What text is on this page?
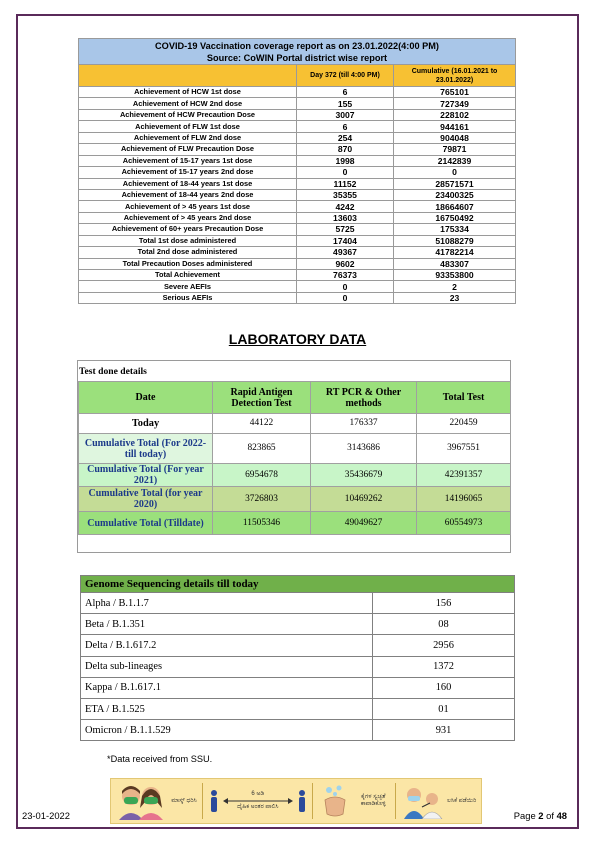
COVID-19 Vaccination coverage report as on 23.01.2022(4:00 PM)
Source: CoWIN Portal district wise report		

	Day 372 (till 4:00 PM)	Cumulative (16.01.2021 to 23.01.2022)
Achievement of HCW 1st dose	6	765101
Achievement of HCW 2nd dose	155	727349
Achievement of HCW Precaution Dose	3007	228102
Achievement of FLW 1st dose	6	944161
Achievement of FLW 2nd dose	254	904048
Achievement of FLW Precaution Dose	870	79871
Achievement of 15-17 years 1st dose	1998	2142839
Achievement of 15-17 years 2nd dose	0	0
Achievement of 18-44 years 1st dose	11152	28571571
Achievement of 18-44 years 2nd dose	35355	23400325
Achievement of > 45 years 1st dose	4242	18664607
Achievement of > 45 years 2nd dose	13603	16750492
Achievement of 60+ years Precaution Dose	5725	175334
Total 1st dose administered	17404	51088279
Total 2nd dose administered	49367	41782214
Total Precaution Doses administered	9602	483307
Total Achievement	76373	93353800
Severe AEFIs	0	2
Serious AEFIs	0	23
LABORATORY DATA
Test done details
Date	Rapid Antigen Detection Test	RT PCR & Other methods	Total Test
Today	44122	176337	220459
Cumulative Total (For 2022- till today)	823865	3143686	3967551
Cumulative Total (For year 2021)	6954678	35436679	42391357
Cumulative Total (for year 2020)	3726803	10469262	14196065
Cumulative Total (Tilldate)	11505346	49049627	60554973
Genome Sequencing details till today	
Alpha / B.1.1.7	156
Beta / B.1.351	08
Delta / B.1.617.2	2956
Delta sub-lineages	1372
Kappa / B.1.617.1	160
ETA / B.1.525	01
Omicron / B.1.1.529	931
*Data received from SSU.
ಮಾಸ್ಕ್ ಧರಿಸಿ
6 ಅಡಿ
ದೈಹಿಕ ಅಂತರ ಪಾಲಿಸಿ
ಕೈಗಳ ಸ್ವಚ್ಛತೆ ಕಾಪಾಡಿಕೊಳ್ಳಿ
ಲಸಿಕೆ ಪಡೆಯಿರಿ
23-01-2022	Page 2 of 48
